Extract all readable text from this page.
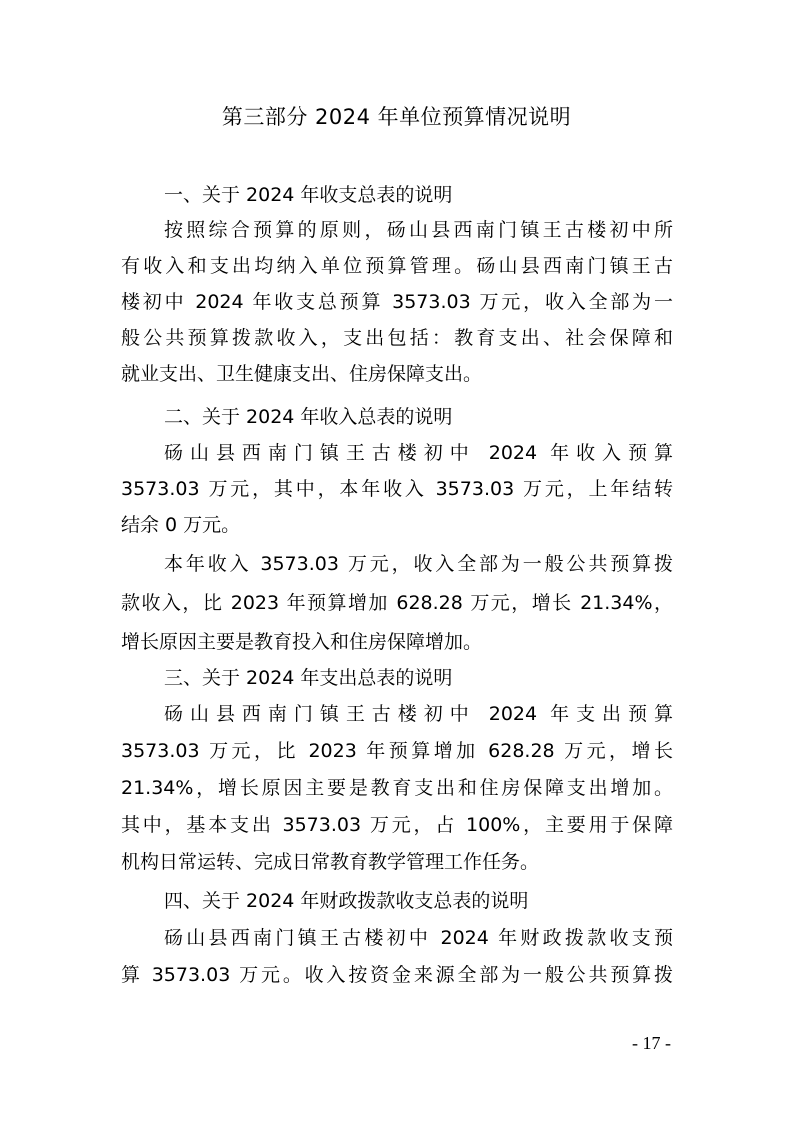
第三部分 2024 年单位预算情况说明
一、关于 2024 年收支总表的说明
按照综合预算的原则，砀山县西南门镇王古楼初中所
有收入和支出均纳入单位预算管理。砀山县西南门镇王古
楼初中 2024 年收支总预算 3573.03 万元，收入全部为一
般公共预算拨款收入，支出包括：教育支出、社会保障和
就业支出、卫生健康支出、住房保障支出。
二、关于 2024 年收入总表的说明
砀山县西南门镇王古楼初中 2024 年收入预算
3573.03 万元，其中，本年收入 3573.03 万元，上年结转
结余 0 万元。
本年收入 3573.03 万元，收入全部为一般公共预算拨
款收入，比 2023 年预算增加 628.28 万元，增长 21.34%，
增长原因主要是教育投入和住房保障增加。
三、关于 2024 年支出总表的说明
砀山县西南门镇王古楼初中 2024 年支出预算
3573.03 万元，比 2023 年预算增加 628.28 万元，增长
21.34%，增长原因主要是教育支出和住房保障支出增加。
其中，基本支出 3573.03 万元，占 100%，主要用于保障
机构日常运转、完成日常教育教学管理工作任务。
四、关于 2024 年财政拨款收支总表的说明
砀山县西南门镇王古楼初中 2024 年财政拨款收支预
算 3573.03 万元。收入按资金来源全部为一般公共预算拨
- 17 -
